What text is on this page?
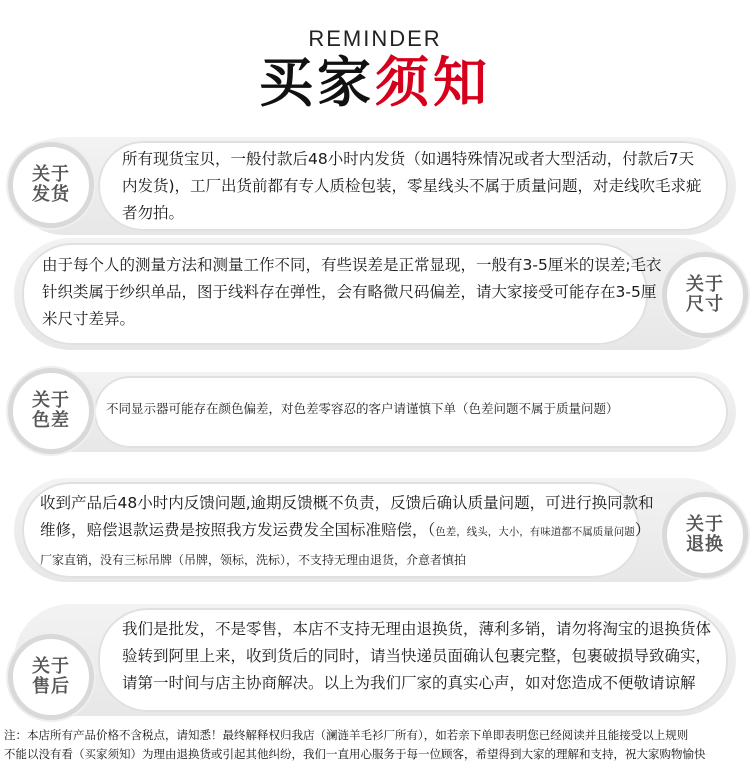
REMINDER
买家须知
所有现货宝贝，一般付款后48小时内发货（如遇特殊情况或者大型活动，付款后7天内发货)，工厂出货前都有专人质检包装，零星线头不属于质量问题，对走线吹毛求疵者勿拍。
关于
发货
由于每个人的测量方法和测量工作不同，有些误差是正常显现，一般有3-5厘米的误差;毛衣针织类属于纱织单品，图于线料存在弹性，会有略微尺码偏差，请大家接受可能存在3-5厘米尺寸差异。
关于
尺寸
不同显示器可能存在颜色偏差，对色差零容忍的客户请谨慎下单（色差问题不属于质量问题）
关于
色差
收到产品后48小时内反馈问题,逾期反馈概不负责，反馈后确认质量问题，可进行换同款和维修，赔偿退款运费是按照我方发运费发全国标准赔偿，（色差，线头，大小，有味道都不属质量问题） 厂家直销，没有三标吊牌（吊牌，领标，洗标），不支持无理由退货，介意者慎拍
关于
退换
我们是批发，不是零售，本店不支持无理由退换货，薄利多销，请勿将淘宝的退换货体验转到阿里上来，收到货后的同时，请当快递员面确认包裹完整，包裹破损导致确实，请第一时间与店主协商解决。以上为我们厂家的真实心声，如对您造成不便敬请谅解
关于
售后
注：本店所有产品价格不含税点，请知悉！最终解释权归我店（澜涟羊毛衫厂所有），如若亲下单即表明您已经阅读并且能接受以上规则
不能以没有看（买家须知）为理由退换货或引起其他纠纷，我们一直用心服务于每一位顾客，希望得到大家的理解和支持，祝大家购物愉快
